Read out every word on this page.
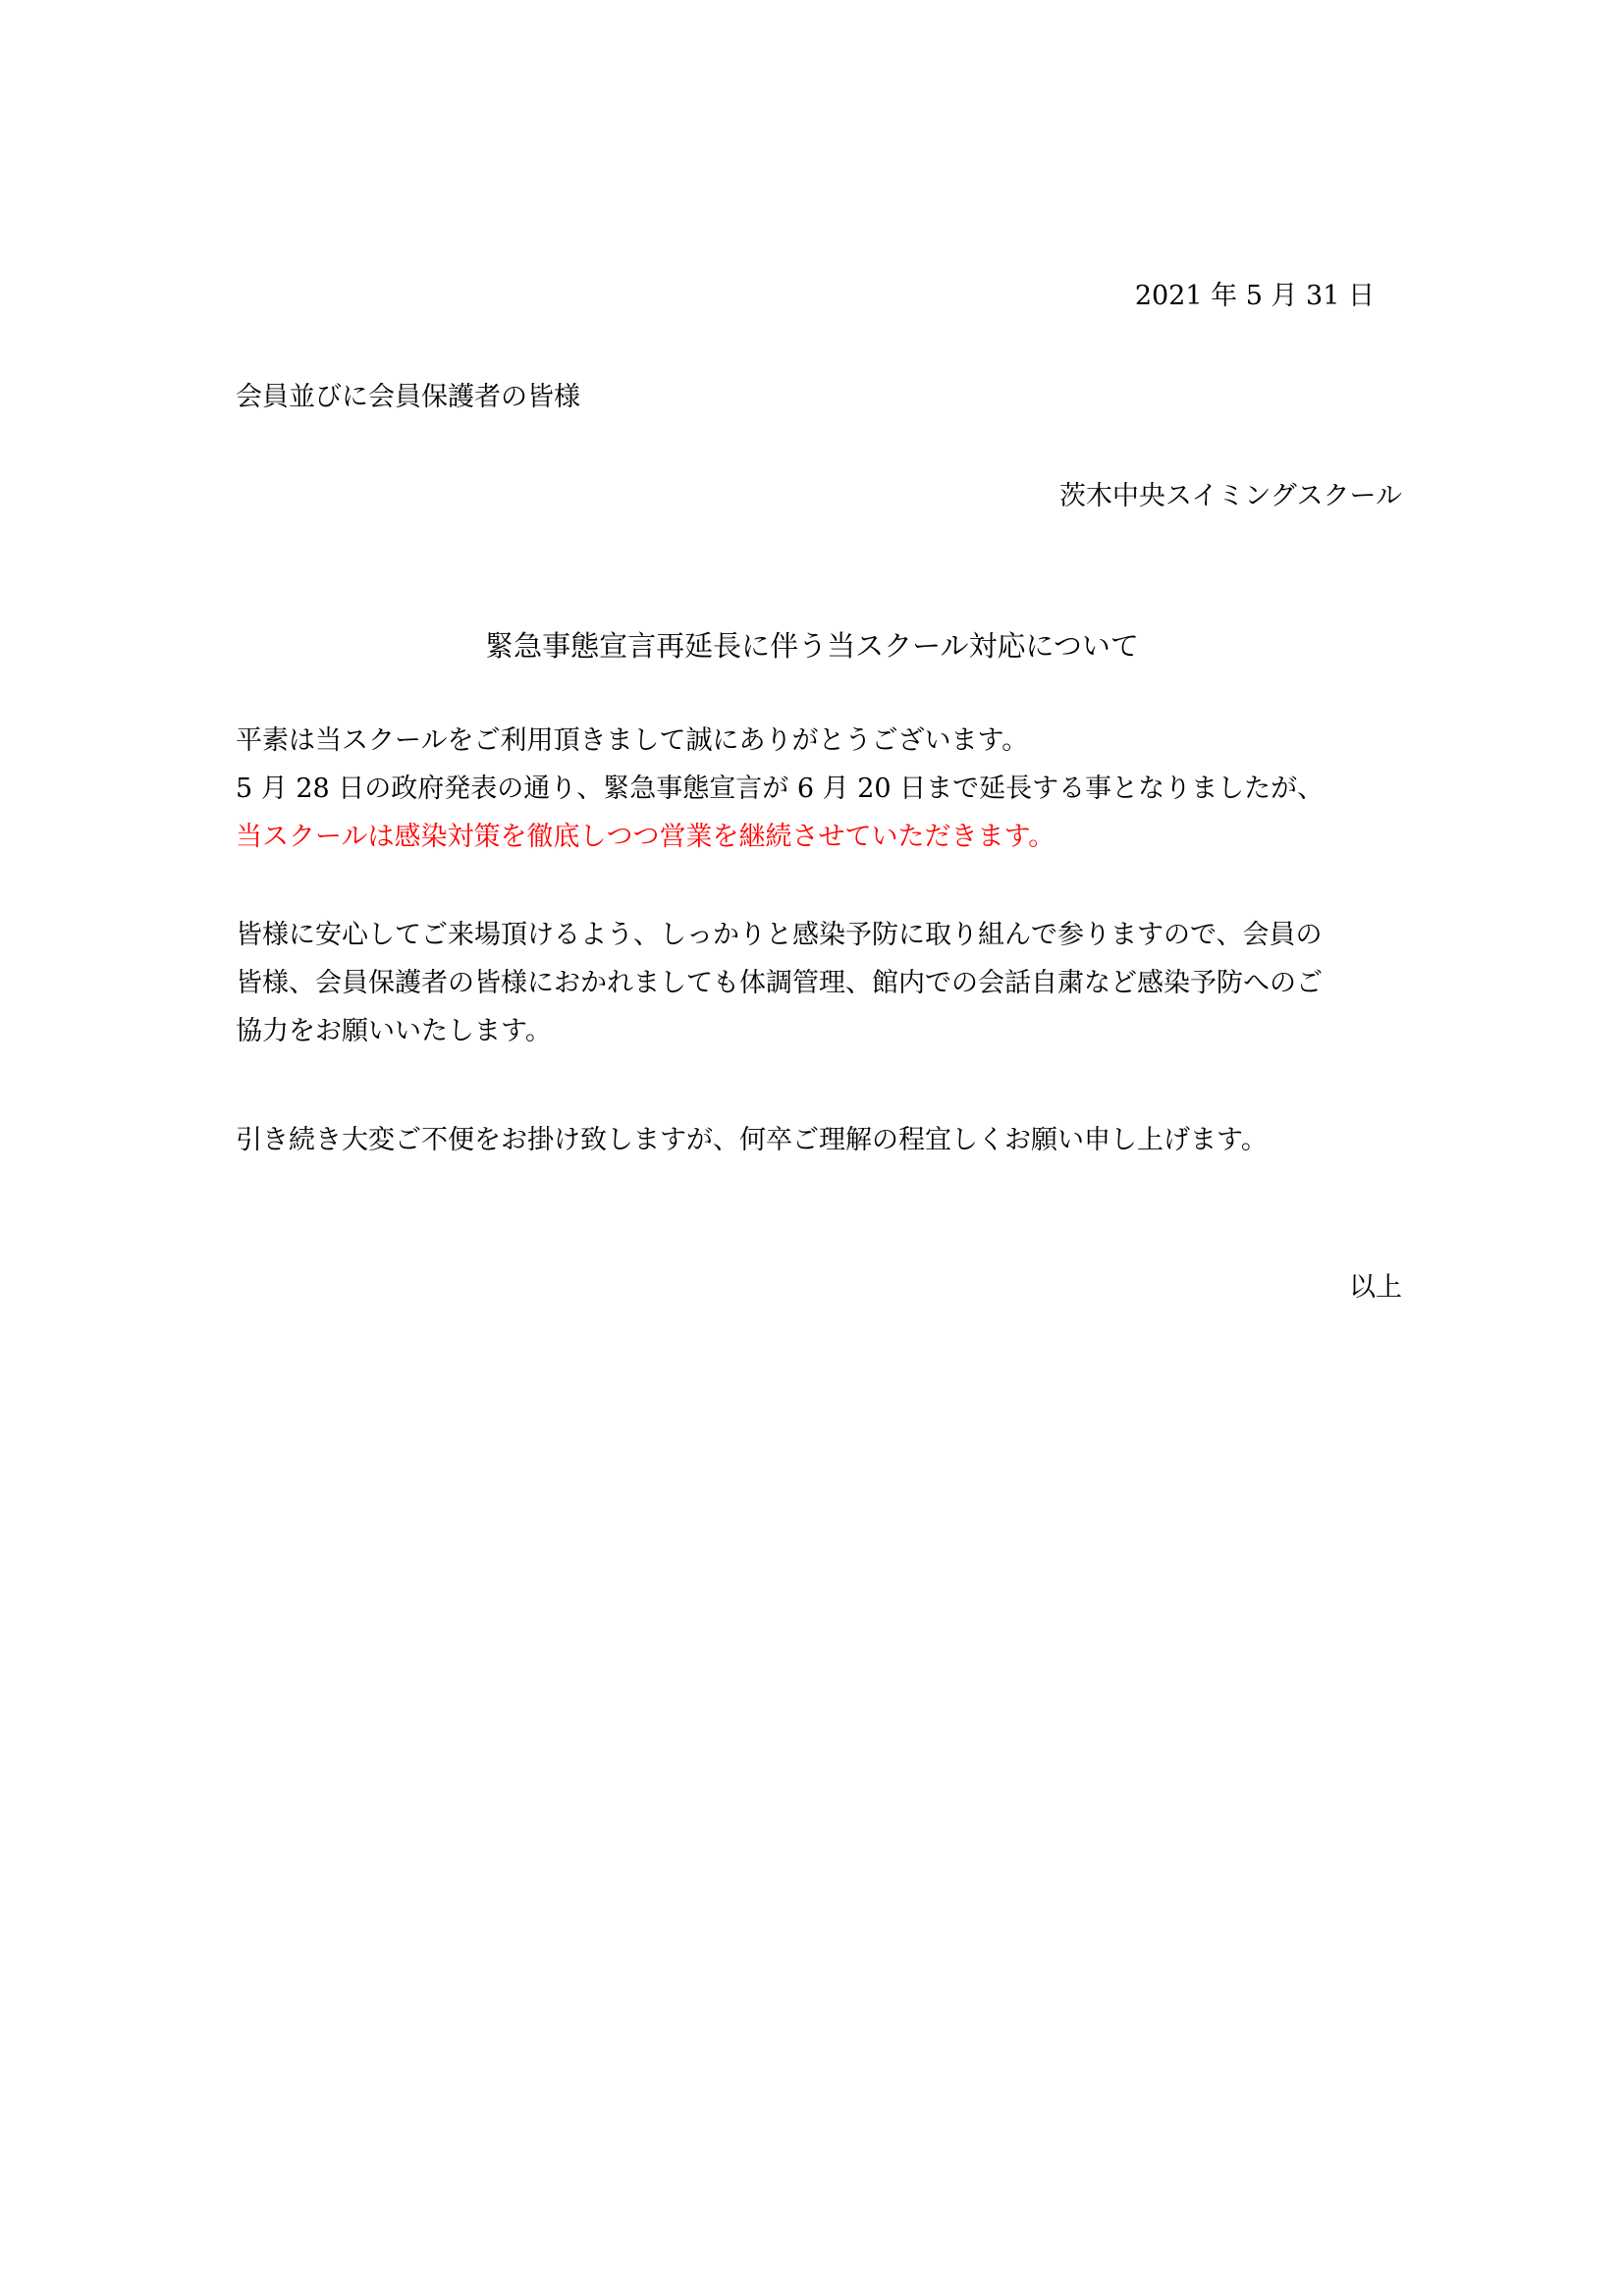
2021 年 5 月 31 日
会員並びに会員保護者の皆様
茨木中央スイミングスクール
緊急事態宣言再延長に伴う当スクール対応について

平素は当スクールをご利用頂きまして誠にありがとうございます。

5 月 28 日の政府発表の通り、緊急事態宣言が 6 月 20 日まで延長する事となりましたが、

当スクールは感染対策を徹底しつつ営業を継続させていただきます。

皆様に安心してご来場頂けるよう、しっかりと感染予防に取り組んで参りますので、会員の

皆様、会員保護者の皆様におかれましても体調管理、館内での会話自粛など感染予防へのご

協力をお願いいたします。

引き続き大変ご不便をお掛け致しますが、何卒ご理解の程宜しくお願い申し上げます。

以上
